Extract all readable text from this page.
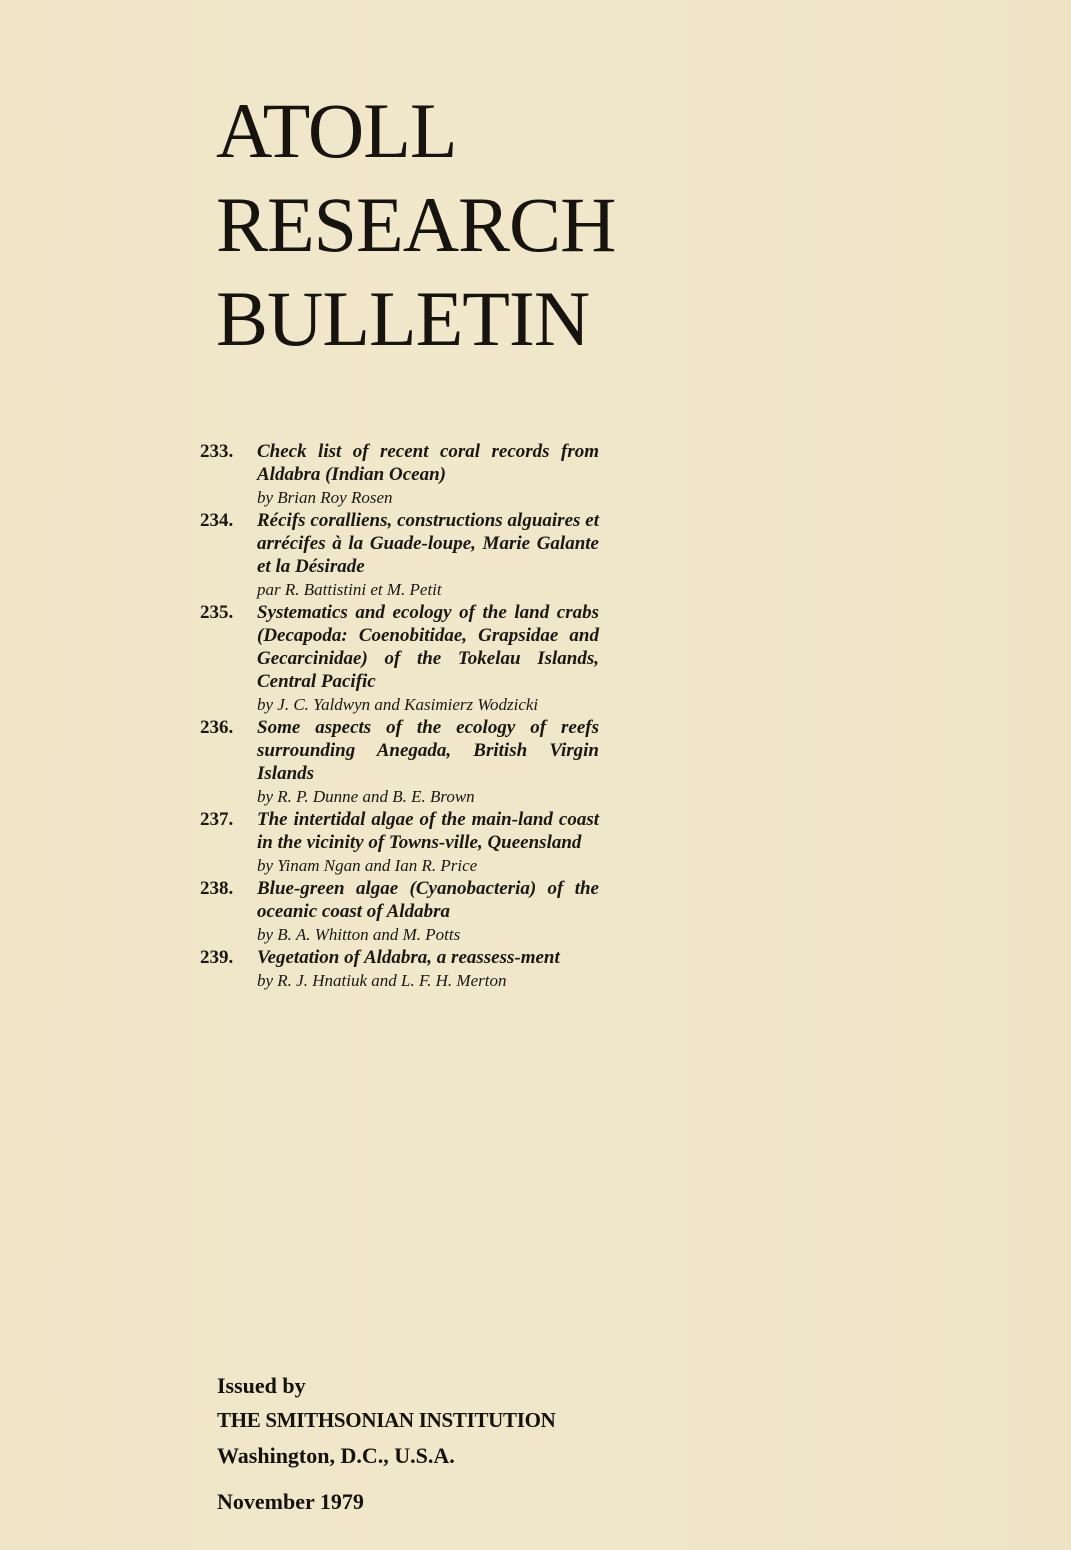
ATOLL
RESEARCH
BULLETIN
233.	Check list of recent coral records from Aldabra (Indian Ocean)
by Brian Roy Rosen
234.	Récifs coralliens, constructions alguaires et arrécifes à la Guade-loupe, Marie Galante et la Désirade
par R. Battistini et M. Petit
235.	Systematics and ecology of the land crabs (Decapoda: Coenobitidae, Grapsidae and Gecarcinidae) of the Tokelau Islands, Central Pacific
by J. C. Yaldwyn and Kasimierz Wodzicki
236.	Some aspects of the ecology of reefs surrounding Anegada, British Virgin Islands
by R. P. Dunne and B. E. Brown
237.	The intertidal algae of the main-land coast in the vicinity of Towns-ville, Queensland
by Yinam Ngan and Ian R. Price
238.	Blue-green algae (Cyanobacteria) of the oceanic coast of Aldabra
by B. A. Whitton and M. Potts
239.	Vegetation of Aldabra, a reassess-ment
by R. J. Hnatiuk and L. F. H. Merton
Issued by
THE SMITHSONIAN INSTITUTION
Washington, D.C., U.S.A.
November 1979
